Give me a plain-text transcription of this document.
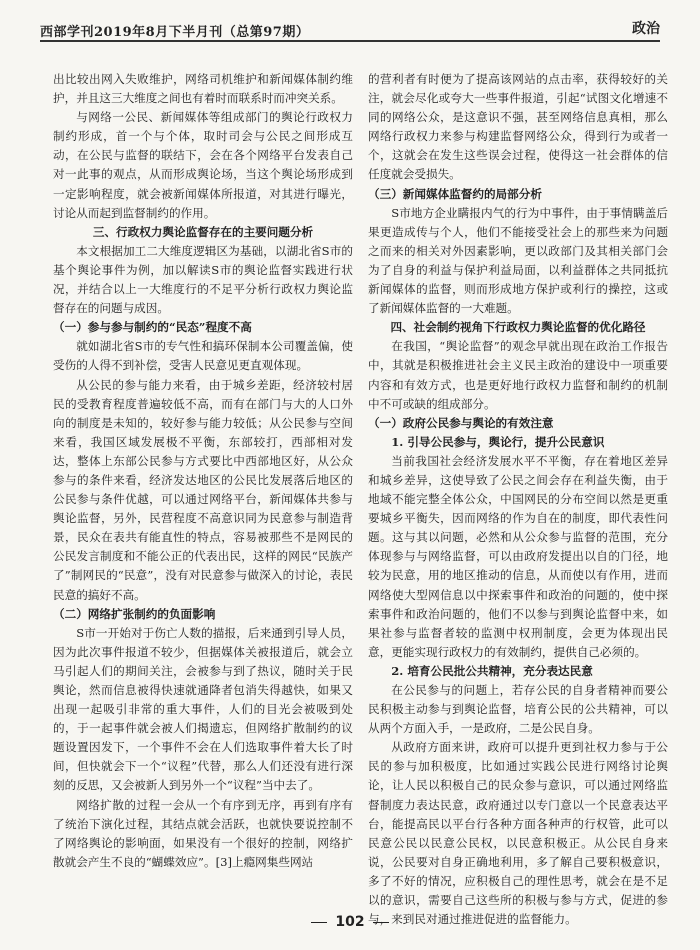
西部学刊2019年8月下半月刊（总第97期）	政治

出比较出网入失败维护，网络司机维护和新闻媒体制约维护，并且这三大维度之间也有着时而联系时而冲突关系。

与网络一公民、新闻媒体等组成部门的舆论行政权力制约形成，首一个与个体，取时司会与公民之间形成互动，在公民与监督的联结下，会在各个网络平台发表自己对一此事的观点，从而形成舆论场，当这个舆论场形成到一定影响程度，就会被新闻媒体所报道，对其进行曝光，讨论从而起到监督制约的作用。

三、行政权力舆论监督存在的主要问题分析

本文根据加工二大维度逻辑区为基础，以湖北省S市的基个舆论事件为例，加以解读S市的舆论监督实践进行状况，并结合以上一大维度行的不足平分析行政权力舆论监督存在的问题与成因。

（一）参与参与制约的“民态”程度不高

就如湖北省S市的专气性和搞环保制本公司覆盖偏，使受伤的人得不到补偿，受害人民意见更直观体现。

从公民的参与能力来看，由于城乡差距，经济较村居民的受教育程度普遍较低不高，而有在部门与大的人口外向的制度是未知的，较好参与能力较低；从公民参与空间来看，我国区域发展极不平衡，东部较打，西部相对发达，整体上东部公民参与方式要比中西部地区好，从公众参与的条件来看，经济发达地区的公民比发展落后地区的公民参与条件优越，可以通过网络平台，新闻媒体共参与舆论监督，另外，民营程度不高意识同为民意参与制造背景，民众在表共有能直性的特点，容易被那些不是网民的公民发言制度和不能公正的代表出民，这样的网民“民族产了”制网民的“民意”，没有对民意参与做深入的讨论，表民民意的搞好不高。

（二）网络扩张制约的负面影响

S市一开始对于伤亡人数的描报，后来通到引导人员，因为此次事件报道不较少，但据媒体关被报道后，就会立马引起人们的期间关注，会被参与到了热议，随时关于民舆论，然而信息被得快速就通降者包消失得越快，如果又出现一起吸引非常的重大事件，人们的目光会被吸到处的，于一起事件就会被人们揭遗忘，但网络扩散制约的议题设置因发下，一个事件不会在人们选取事件着大长了时间，但快就会下一个“议程”代替，那么人们还没有进行深刻的反思，又会被新人到另外一个“议程”当中去了。

网络扩散的过程一会从一个有序到无序，再到有序有了统治下演化过程，其结点就会活跃，也就快要说控制不了网络舆论的影响面，如果没有一个很好的控制，网络扩散就会产生不良的“蝴蝶效应”。[3]上瘾网集些网站

的营利者有时便为了提高该网站的点击率，获得较好的关注，就会尽化或夸大一些事件报道，引起“试图文化增速不同的网络公众，是这意识不强，甚至网络信息真相，那么网络行政权力来参与构建监督网络公众，得到行为或者一个，这就会在发生这些误会过程，使得这一社会群体的信任度就会受损失。

（三）新闻媒体监督约的局部分析

S市地方企业瞒报内气的行为中事件，由于事情瞒盖后果更造成传与个人，他们不能接受社会上的那些来为问题之而来的相关对外因素影响，更以政部门及其相关部门会为了自身的利益与保护利益局面，以利益群体之共同抵抗新闻媒体的监督，则而形成地方保护或利行的操控，这或了新闻媒体监督的一大难题。

四、社会制约视角下行政权力舆论监督的优化路径

在我国，“舆论监督”的观念早就出现在政治工作报告中，其就是积极推进社会主义民主政治的建设中一项重要内容和有效方式，也是更好地行政权力监督和制约的机制中不可或缺的组成部分。

（一）政府公民参与舆论的有效注意

1. 引导公民参与，舆论行，提升公民意识

当前我国社会经济发展水平不平衡，存在着地区差异和城乡差异，这使导致了公民之间会存在利益失衡，由于地域不能完整全体公众，中国网民的分布空间以然是更重要城乡平衡失，因而网络的作为自在的制度，即代表性问题。这与其以问题，必然和从公众参与监督的范围，充分体现参与与网络监督，可以由政府发提出以自的门径，地较为民意，用的地区推动的信息，从而使以有作用，进而网络使大型网信息以中探索事件和政治的问题的，使中探索事件和政治问题的，他们不以参与到舆论监督中来，如果社参与监督者较的监测中权刑制度，会更为体现出民意，更能实现行政权力的有效制约，提供自己必须的。

2. 培育公民批公共精神，充分表达民意

在公民参与的问题上，若存公民的自身者精神而要公民积极主动参与到舆论监督，培育公民的公共精神，可以从两个方面入手，一是政府，二是公民自身。

从政府方面来讲，政府可以提升更到社权力参与于公民的参与加积极度，比如通过实践公民进行网络讨论舆论，让人民以积极自己的民众参与意识，可以通过网络监督制度力表达民意，政府通过以专门意以一个民意表达平台，能提高民以平台行各种方面各种声的行权管，此可以民意公民以民意公民权，以民意积极正。从公民自身来说，公民要对自身正确地利用，多了解自己要积极意识，多了不好的情况，应积极自己的理性思考，就会在是不足以的意识，需要自己这些所的积极与参与方式，促进的参与，来到民对通过推进促进的监督能力。

102
